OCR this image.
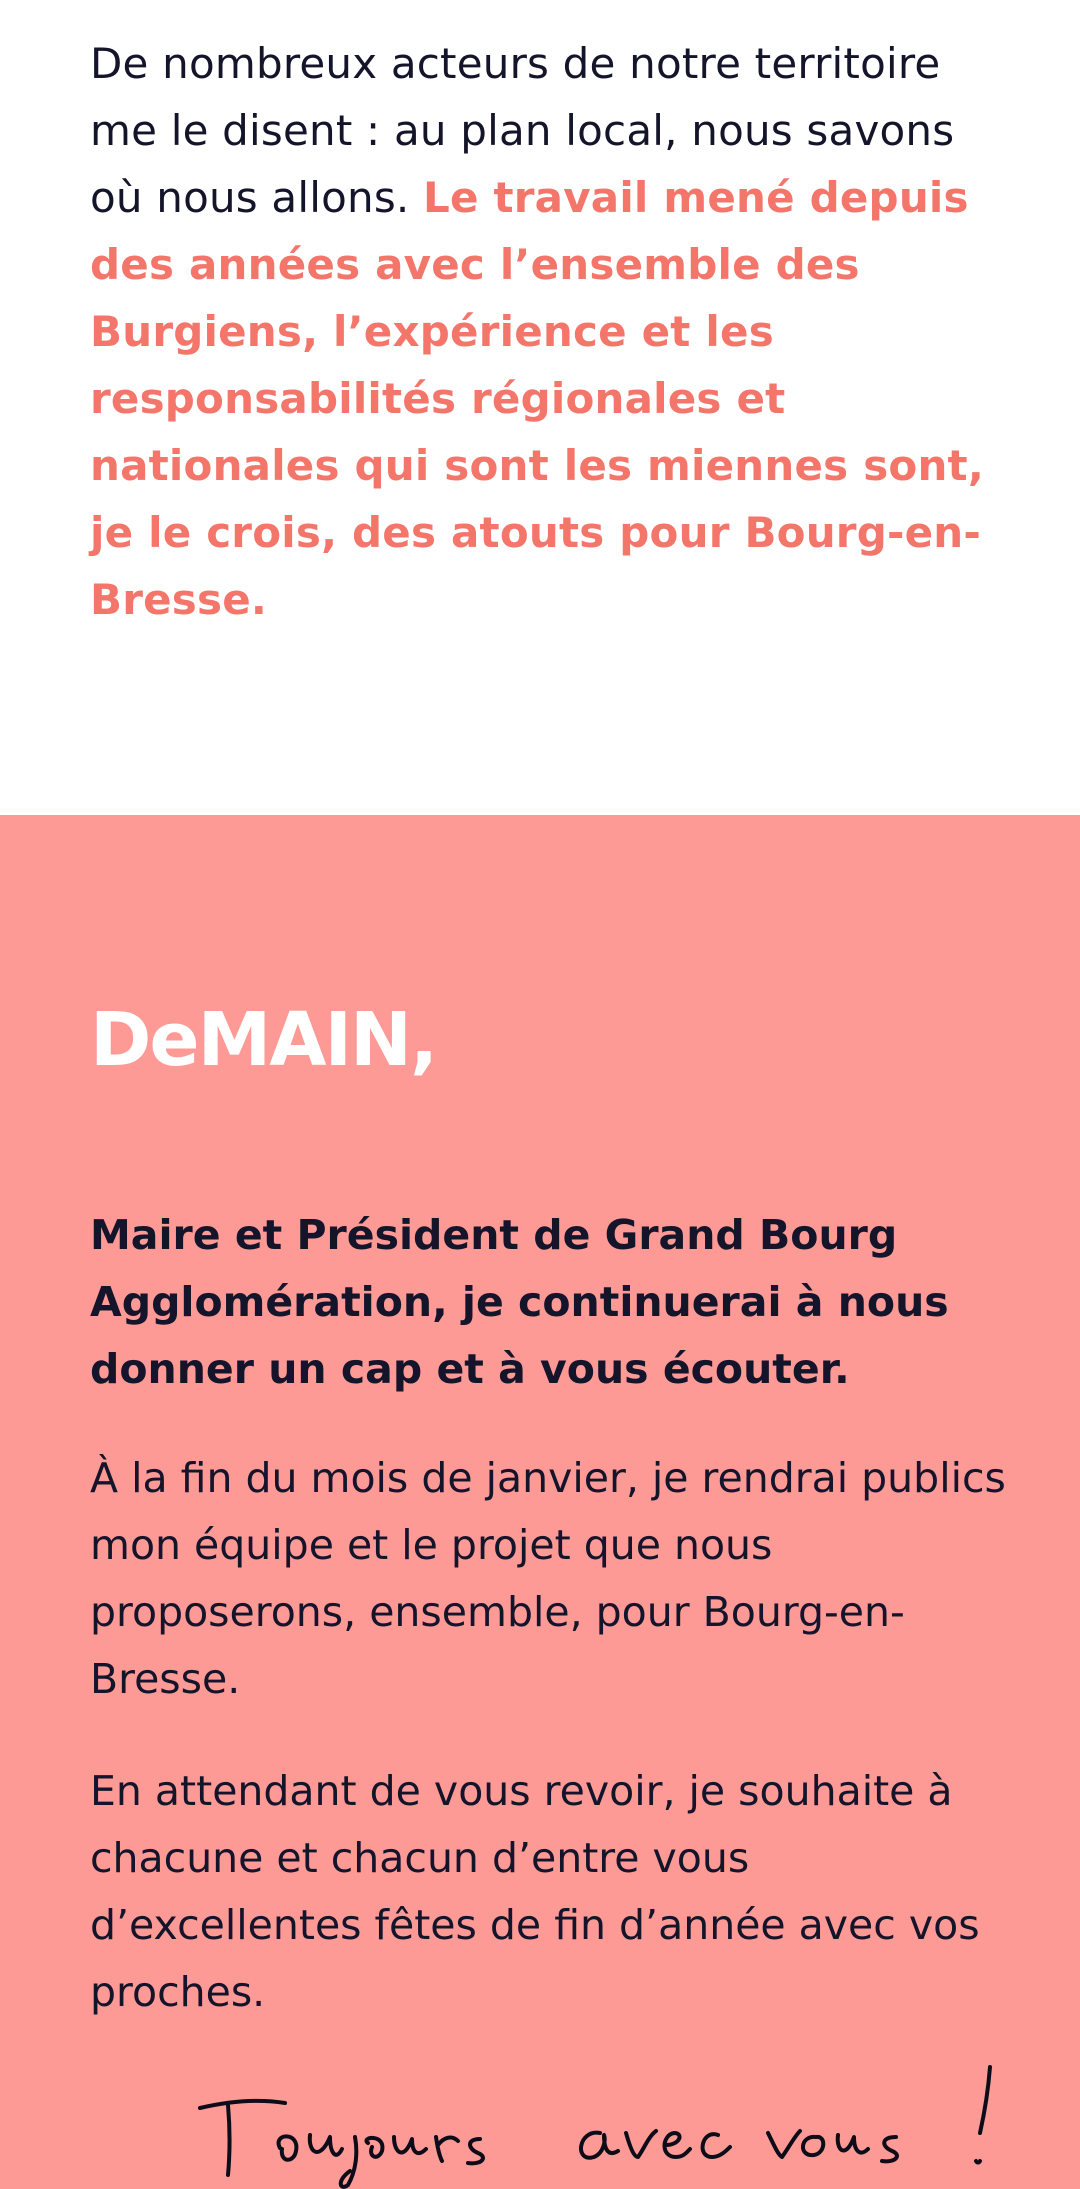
De nombreux acteurs de notre territoire me le disent : au plan local, nous savons où nous allons. Le travail mené depuis des années avec l’ensemble des Burgiens, l’expérience et les responsabilités régionales et nationales qui sont les miennes sont, je le crois, des atouts pour Bourg-en-Bresse.

DeMAIN,

Maire et Président de Grand Bourg Agglomération, je continuerai à nous donner un cap et à vous écouter.

À la fin du mois de janvier, je rendrai publics mon équipe et le projet que nous proposerons, ensemble, pour Bourg-en-Bresse.

En attendant de vous revoir, je souhaite à chacune et chacun d’entre vous d’excellentes fêtes de fin d’année avec vos proches.
